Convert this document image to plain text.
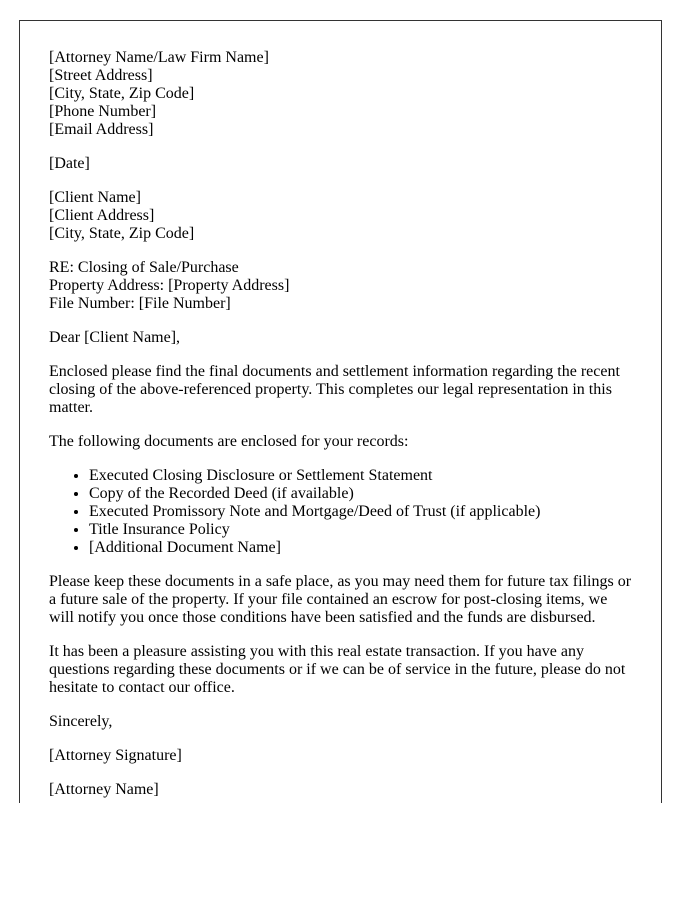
[Attorney Name/Law Firm Name]
[Street Address]
[City, State, Zip Code]
[Phone Number]
[Email Address]

[Date]

[Client Name]
[Client Address]
[City, State, Zip Code]

RE: Closing of Sale/Purchase
Property Address: [Property Address]
File Number: [File Number]

Dear [Client Name],

Enclosed please find the final documents and settlement information regarding the recent closing of the above-referenced property. This completes our legal representation in this matter.

The following documents are enclosed for your records:

• Executed Closing Disclosure or Settlement Statement
• Copy of the Recorded Deed (if available)
• Executed Promissory Note and Mortgage/Deed of Trust (if applicable)
• Title Insurance Policy
• [Additional Document Name]

Please keep these documents in a safe place, as you may need them for future tax filings or a future sale of the property. If your file contained an escrow for post-closing items, we will notify you once those conditions have been satisfied and the funds are disbursed.

It has been a pleasure assisting you with this real estate transaction. If you have any questions regarding these documents or if we can be of service in the future, please do not hesitate to contact our office.

Sincerely,

[Attorney Signature]

[Attorney Name]
